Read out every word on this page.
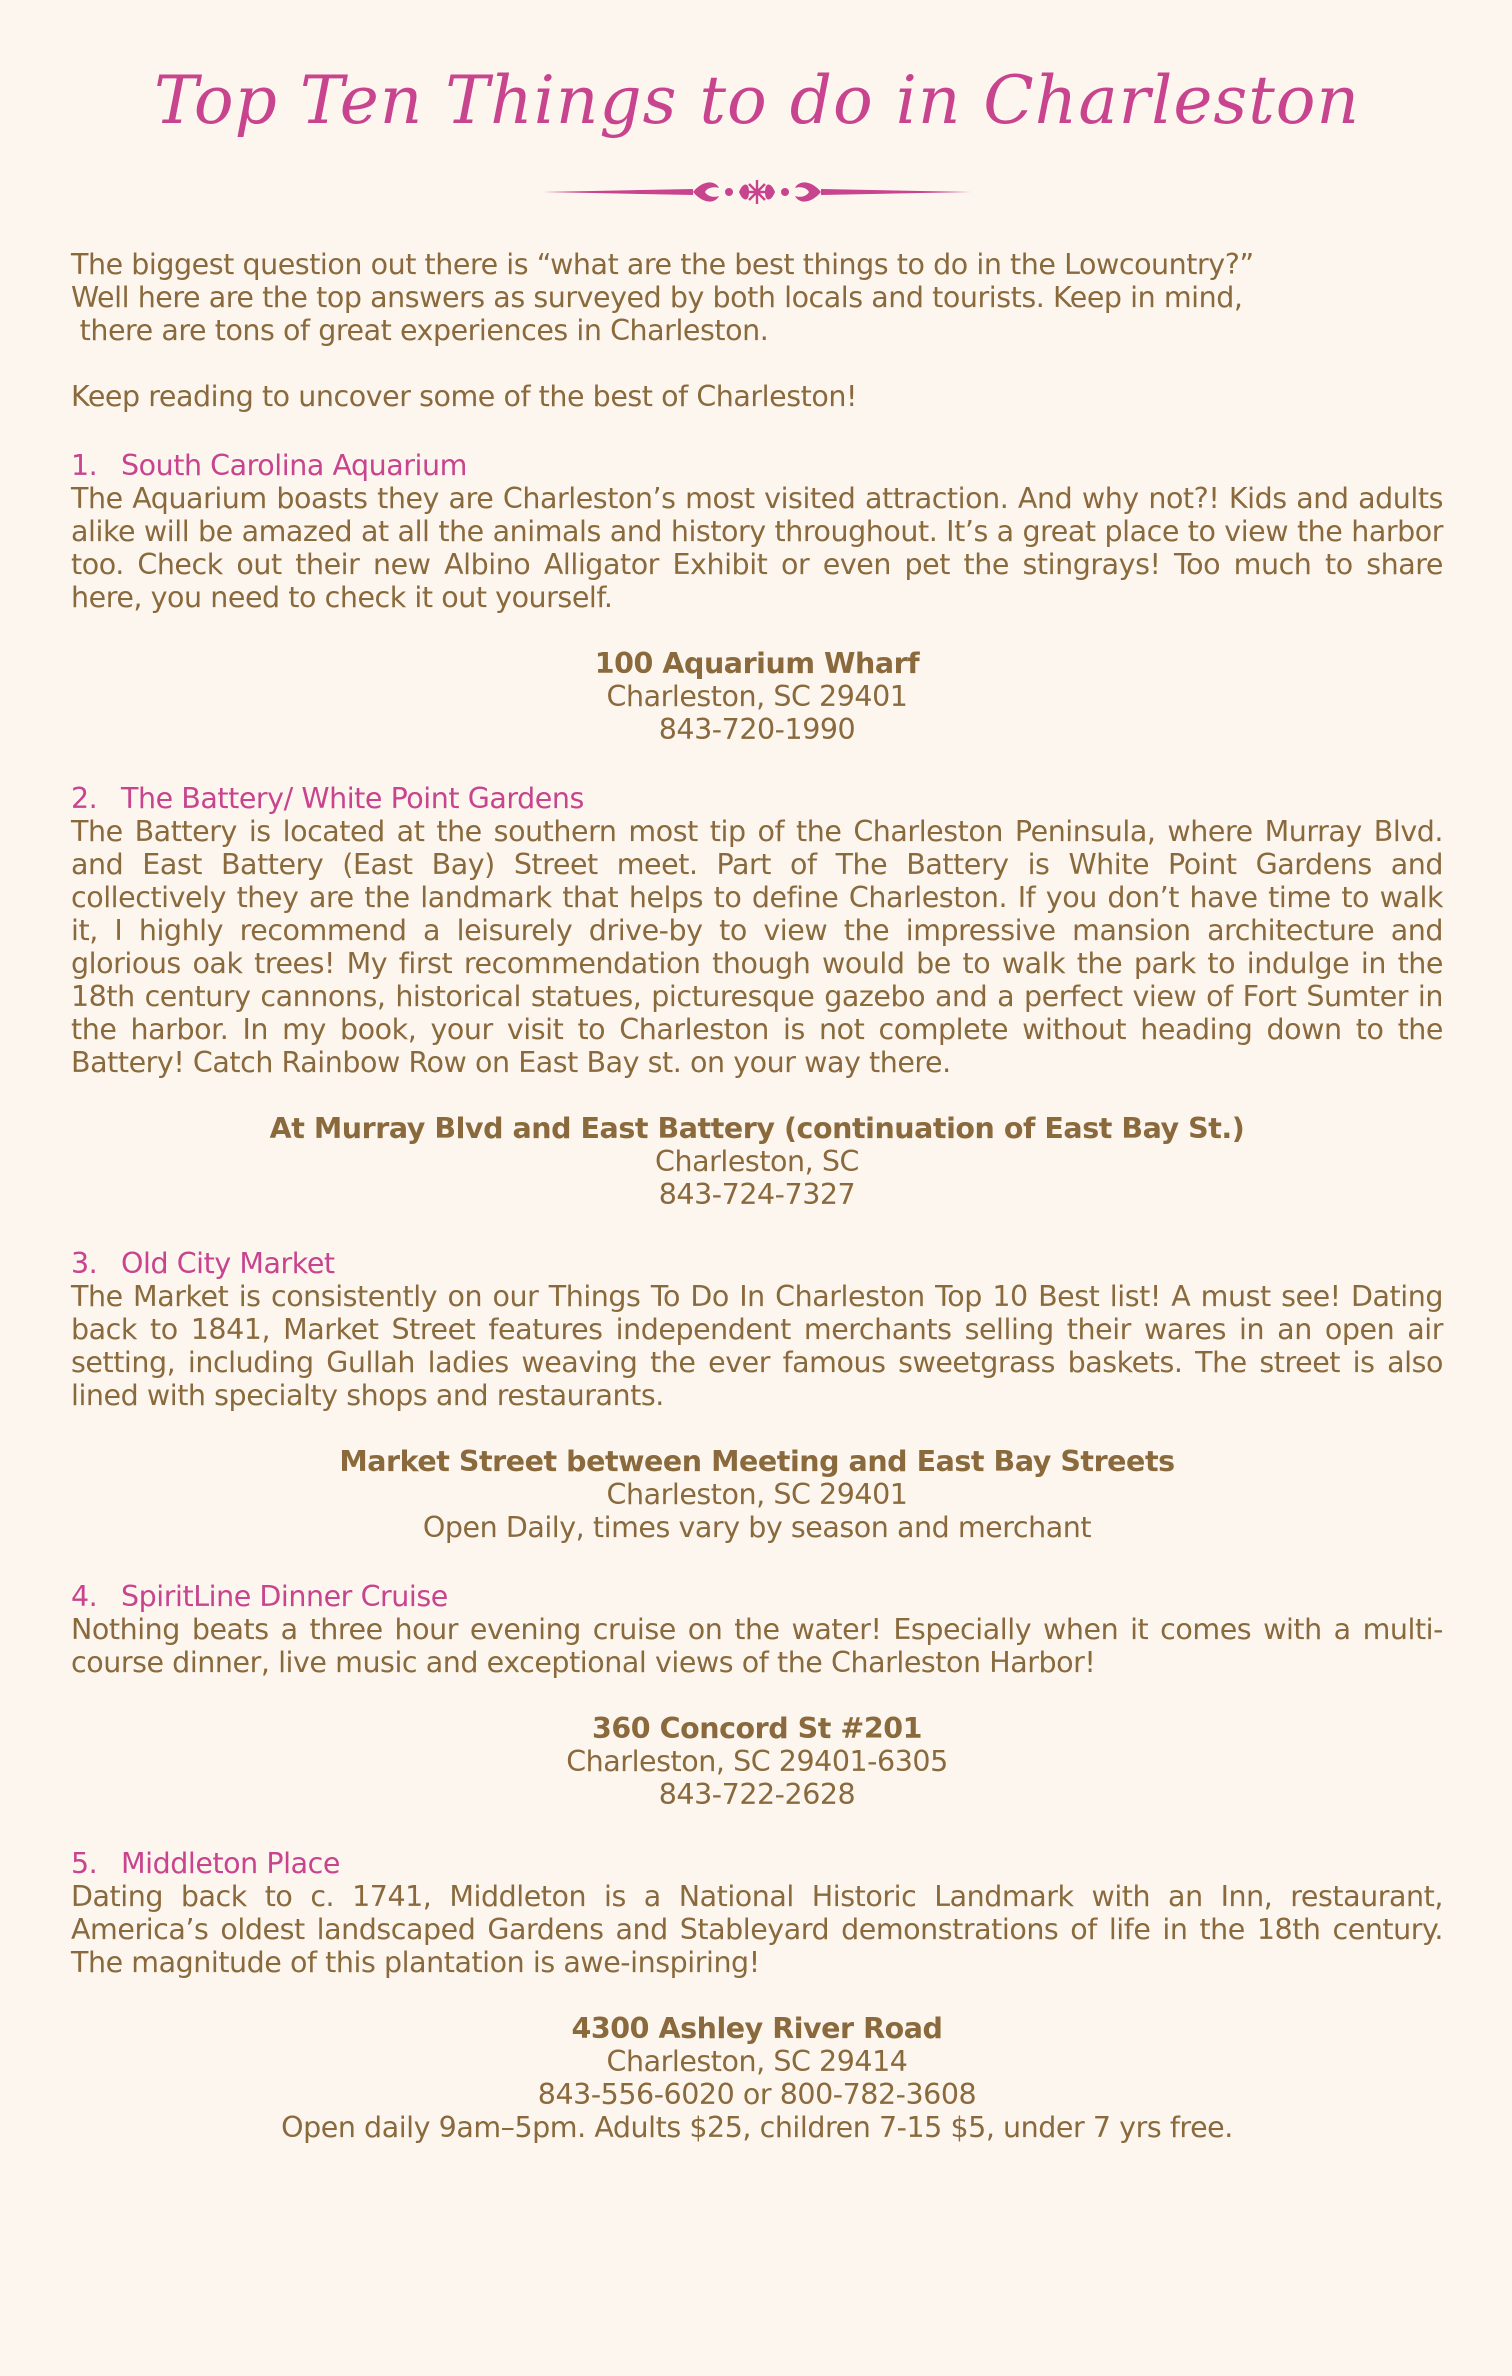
Top Ten Things to do in Charleston

The biggest question out there is “what are the best things to do in the Lowcountry?”

Well here are the top answers as surveyed by both locals and tourists. Keep in mind,

there are tons of great experiences in Charleston.

Keep reading to uncover some of the best of Charleston!

1. South Carolina Aquarium

The Aquarium boasts they are Charleston’s most visited attraction. And why not?! Kids and adults alike will be amazed at all the animals and history throughout. It’s a great place to view the harbor too. Check out their new Albino Alligator Exhibit or even pet the stingrays! Too much to share here, you need to check it out yourself.

100 Aquarium Wharf
Charleston, SC 29401
843-720-1990

2. The Battery/ White Point Gardens

The Battery is located at the southern most tip of the Charleston Peninsula, where Murray Blvd. and East Battery (East Bay) Street meet. Part of The Battery is White Point Gardens and collectively they are the landmark that helps to define Charleston. If you don’t have time to walk it, I highly recommend a leisurely drive-by to view the impressive mansion architecture and glorious oak trees! My first recommendation though would be to walk the park to indulge in the 18th century cannons, historical statues, picturesque gazebo and a perfect view of Fort Sumter in the harbor. In my book, your visit to Charleston is not complete without heading down to the Battery! Catch Rainbow Row on East Bay st. on your way there.

At Murray Blvd and East Battery (continuation of East Bay St.)
Charleston, SC
843-724-7327

3. Old City Market

The Market is consistently on our Things To Do In Charleston Top 10 Best list! A must see! Dating back to 1841, Market Street features independent merchants selling their wares in an open air setting, including Gullah ladies weaving the ever famous sweetgrass baskets. The street is also lined with specialty shops and restaurants.

Market Street between Meeting and East Bay Streets
Charleston, SC 29401
Open Daily, times vary by season and merchant

4. SpiritLine Dinner Cruise

Nothing beats a three hour evening cruise on the water! Especially when it comes with a multi-course dinner, live music and exceptional views of the Charleston Harbor!

360 Concord St #201
Charleston, SC 29401-6305
843-722-2628

5. Middleton Place

Dating back to c. 1741, Middleton is a National Historic Landmark with an Inn, restaurant, America’s oldest landscaped Gardens and Stableyard demonstrations of life in the 18th century. The magnitude of this plantation is awe-inspiring!

4300 Ashley River Road
Charleston, SC 29414
843-556-6020 or 800-782-3608
Open daily 9am–5pm. Adults $25, children 7-15 $5, under 7 yrs free.
